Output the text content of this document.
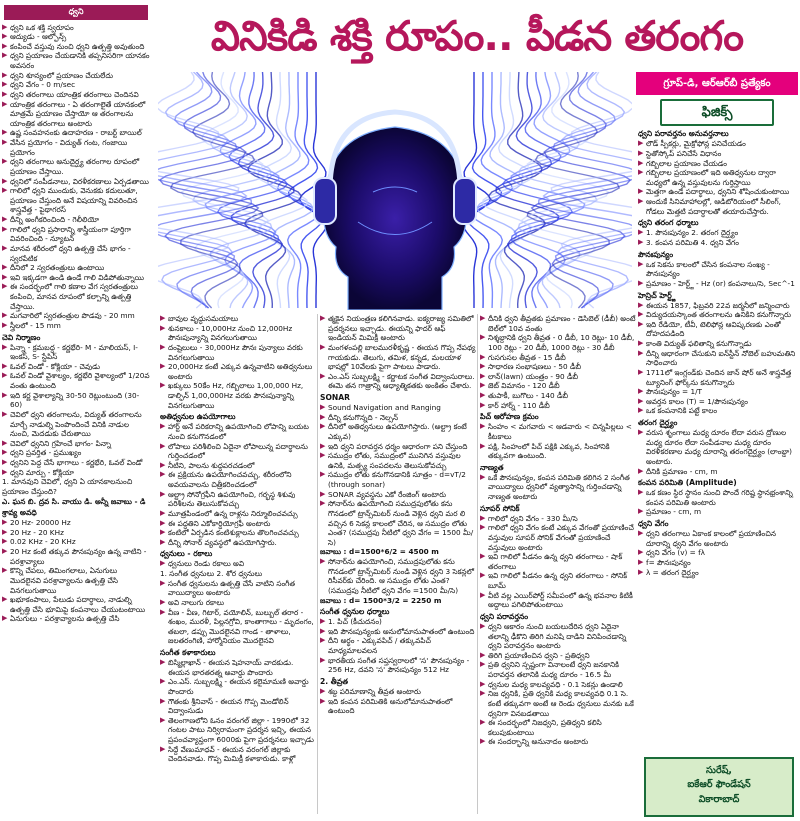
ధ్వని
▶ ధ్వని ఒక శక్తి స్వరూపం
▶ ఆద్యుడు - ఆల్ఫోన్స్
▶ కంపించే వస్తువు నుంచి ధ్వని ఉత్పత్తి అవుతుంది
▶ ధ్వని ప్రయాణం చేయడానికి తప్పనిసరిగా యానకం అవసరం
▶ ధ్వని శూన్యంలో ప్రయాణం చేయలేదు
▶ ధ్వని వేగం - 0 m/sec
▶ ధ్వని తరంగాలు యాంత్రిక తరంగాలు చెందినవి
▶ యాంత్రిక తరంగాలు - ఏ తరంగాలైతే యానకంలో మాత్రమే ప్రయాణం చేస్తాయో ఆ తరంగాలను యాంత్రిక తరంగాలు అంటారు
▶ ఉష్ణ సంవహనంకు ఉదాహరణ - రాబర్ట్ బాయిల్
▶ వేసిన ప్రయోగం - విద్యుత్ గంట, గంజాయి ప్రయోగం
▶ ధ్వని తరంగాలు అనుదైర్ఘ్య తరంగాల రూపంలో ప్రయాణం చేస్తాయి.
▶ ధ్వనిలో సంపీడనాలు, విరళీకరణాలు ఏర్పడతాయి
▶ గాలిలో ధ్వని ముందుకు, వెనుకకు కదులుతూ, ప్రయాణం చేస్తుంది అనే విషయాన్ని వివరించిన శాస్త్రవేత్త - పైథాగరస్
▶ దీన్ని అంగీకరించింది - గెలీలియో
▶ గాలిలో ధ్వని ప్రసారాన్ని శాస్త్రీయంగా పూర్తిగా వివరించింది - న్యూటన్
▶ మానవ శరీరంలో ధ్వని ఉత్పత్తి చేసే భాగం - స్వరపేటిక
▶ దీనిలో 2 స్వరతంత్రులు ఉంటాయి
▶ ఇవి ఇక్కడగా ఉండి ఉండే గాలి విడిపోతున్నాయి
▶ ఈ సందర్భంలో గాలి కణాల వేగ స్వరతంత్రులు కంపించి, మానవ రూపంలో కల్పాన్ని ఉత్పత్తి చేస్తాయి.
▶ మగవారిలో స్వరతంత్రుల పొడవు - 20 mm
▶ స్త్రీలలో - 15 mm
చెవి నిర్మాణం
▶ పిన్నా - క్రమబద్ధ - కర్ణభేరి- M - మాలియస్, I-ఇంకస్, S- స్టేపిస్
▶ ఓవల్ విండో - కోక్లియా - చెవుడు
▶ ఓవల్ విండో వైశాల్యం, కర్ణభేరి వైశాల్యంలో 1/20వ వంతు ఉంటుంది
▶ ఇది కర్ణ వైశాల్యాన్ని 30-50 రెట్లుంటుంది (30-60)
▶ చెవిలో ధ్వని తరంగాలను, విద్యుత్ తరంగాలను మార్చే నాడుల్ని పెంపొందించే వినికి నాడుల నుంచి, మెదడుకు చేరుతాయి
▶ చెవిలో ధ్వనిని గ్రహించే భాగం- పిన్నా
▶ ధ్వని ప్రవర్తిత - ప్రముఖ్యం
▶ ధ్వనిని పెద్ద చేసే భాగాలు - కర్ణభేరి, ఓవల్ విండో
▶ ధ్వని మార్పు - కోక్లియా
1. మానవుని చెవిలో, ధ్వని ఏ యానకాలనుంచి ప్రయాణం చేస్తుంది?
ఎ. ఘన బి. ద్రవ సి. వాయు డి. అన్నీ జవాబు - డి
శ్రావ్య అవధి
▶ 20 Hz- 20000 Hz
▶ 20 Hz - 20 KHz
▶ 0.02 KHz - 20 KHz
▶ 20 Hz కంటే తక్కువ పౌనఃపున్యం ఉన్న వాటిని - పరశ్రావ్యాలు
▶ కొన్ని చేపలు, తిమింగలాలు, ఏనుగులు మొదలైనవి పరశ్రావ్యాలను ఉత్పత్తి చేసి వినగలుగుతాయి
▶ ఖభూకంపాలు, పేలుడు పదార్థాలు, నాడుల్ని ఉత్పత్తి చేసి భూమిపై కంపనాలు చేయుటంటాయి
▶ ఏనుగులు - పరశ్రావ్యాలను ఉత్పత్తి చేసి
వినికిడి శక్తి రూపం.. పీడన తరంగం
గ్రూప్-డి, ఆర్ఆర్‌బీ ప్రత్యేకం
ఫిజిక్స్
ధ్వని పరావర్తనం అనువర్తనాలు
▶ లౌడ్ స్పీకర్లు, మైక్రోఫోన్ల పనిచేయడం
▶ స్టెతోస్కోప్ పనిచేసే విధానం
▶ గబ్బిలాల ప్రయాణం చేయడం
▶ గబ్బిలాల ప్రయాణంలో ఇది అతిధ్వనుల ద్వారా మధ్యలో ఉన్న వస్తువులను గుర్తిస్తాయి
▶ మెత్తగా ఉండే పదార్థాలు, ధ్వనిని శోషించుకుంటాయి
▶ ఆందుకే సినిమాహాలల్లో, ఆడిటోరియంలో సీలింగ్, గోడలు మెత్తటి పదార్థాలతో తయారుచేస్తారు.
ధ్వని తరంగ ధర్మాలు
▶ 1. పౌనఃపున్యం 2. తరంగ దైర్ఘ్యం
▶ 3. కంపన పరిమితి 4. ధ్వని వేగం
పౌనఃపున్యం
▶ ఒక సెకను కాలంలో చేసిన కంపనాల సంఖ్య - పౌనఃపున్యం
▶ ప్రమాణం - హెర్ట్జ్ - Hz (or) కంపనాలు/సె, Sec^-1
హెన్రిచ్ హెర్ట్జ్
▶ ఈయన 1857, ఫిబ్రవరి 22వ జర్మనీలో జన్మించారు
▶ విద్యుదయస్కాంత తరంగాలను ఉనికిని కనుగొన్నారు
▶ ఇది రేడియో, టీవీ, టెలిఫోన్ల ఆవిష్కరణకు ఎంతో దోహదపడింది
▶ కాంతి విద్యుత్ ఫలితాన్ని కనుగొన్నాడు
▶ దీన్ని ఆధారంగా చేసుకుని ఐన్‌స్టీన్ నోబెల్ బహుమతిని సాధించారు
▶ 1711లో ఇంగ్లండ్‌కు చెందిన జాన్ షోర్ అనే శాస్త్రవేత్త ట్యూనింగ్ ఫోర్క్‌ను కనుగొన్నారు
▶ పౌనఃపున్యం = 1/T
▶ ఆవర్తన కాలం (T) = 1/పౌనఃపున్యం
▶ ఒక కంపనానికి పట్టే కాలం
తరంగ దైర్ఘ్యం
▶ వరుస శృంగాలు మధ్య దూరం లేదా వరుస ద్రోణుల మధ్య దూరం లేదా సంపీడనాల మధ్య దూరం విరళీకరణాల మధ్య దూరాన్ని తరంగదైర్ఘ్యం (లాంబ్డా) అంటారు.
▶ దీనికి ప్రమాణం - cm, m
కంపన పరిమితి (Amplitude)
▶ ఒక కణం స్థిర స్థానం నుంచి పొందే గరిష్ట స్థానభ్రంశాన్ని కంపన పరిమితి అంటారు
▶ ప్రమాణం - cm, m
ధ్వని వేగం
▶ ధ్వని తరంగాలు ఏకాంక కాలంలో ప్రయాణించిన దూరాన్ని ధ్వని వేగం అంటారు
▶ ధ్వని వేగం (v) = fλ
▶ f= పౌనఃపున్యం
▶ λ = తరంగ దైర్ఘ్యం
సురేష్,
ఐకేఆర్ ఫౌండేషన్
వికారాబాద్
▶ బావుల వృద్ధుసమయాలు
▶ శునకాలు - 10,000Hz నుంచి 12,000Hz పౌనఃపున్యాన్ని వినగలుగుతాయి
▶ దంషైలులు - 30,000Hz పౌనః పున్యాలు వరకు వినగలుగుతాయి
▶ 20,000Hz కంటే ఎక్కువ ఉన్నవాటిని అతిధ్వనులు అంటారు
▶ ఖక్కులు 50కేం Hz, గబ్బిలాలు 1,00,000 Hz, డాల్ఫిన్ 1,00,000Hz వరకు పౌనఃపున్యాన్ని వినగలుగుతాయి
అతిధ్వనుల ఉపయోగాలు
▶ హార్ట్ అనే పరికరాన్ని ఉపయోగించి లోపాన్ని బయట నుంచి కనుగొనడంలో
▶ లోపాలు పరిశీలించి ఏదైనా లోపాలున్న పదార్థాలను గుర్తించడంలో
▶ నీటిని, పాలను శుద్ధపరచడంలో
▶ ఈ ప్రక్రియను ఉపయోగించవచ్చు, శరీరంలోని అవయవాలను చిత్రీకరించడంలో
▶ ఆల్ట్రా సోనోగ్రఫీని ఉపయోగించి, గర్భస్థ శిశువు పరిశీలను తెలుసుకోవచ్చు
▶ మూత్రపిండంలో ఉన్న రాళ్లను నిర్మూలించవచ్చు
▶ ఈ పద్ధతిని ఎకోకార్డియోగ్రఫీ అంటారు
▶ కంటిలో ఏర్పడిన కంటిశుక్లాలను తొలగించవచ్చు
▶ దీన్ని సోనార్ వ్యవస్థలో ఉపయోగిస్తారు.
ధ్వనులు - రకాలు
▶ ధ్వనులు రెండు రకాలు అవి
1. సంగీత ధ్వనులు 2. శోర ధ్వనులు
▶ సంగీత ధ్వనులను ఉత్పత్తి చేసే వాటిని సంగీత వాయిద్యాలు అంటారు
▶ అవి నాలుగు రకాలు
▶ వీణ - వీణ, గిటార్, వయోలిన్, బుల్బుల్ తరార - శంఖం, మురళీ, పిల్లనగ్రోవి, కాంతాగాలు - మృదంగం, తబలా, డప్పు మొదలైనవి గాండ - తాళాలు, జలతరంగిణి, హార్మోనియం మొదలైనవి
సంగీత కళాకారులు
▶ బిస్మిల్లాఖాన్ - ఈయన షెహనాయ్ వాదకుడు. ఈయన భారతరత్న అవార్డు పొందారు
▶ ఎం.ఎస్. సుబ్బలక్ష్మి - ఈయన కలైమామణి అవార్డు పొందారు
▶ గౌతంకు శ్రీనివాస్ - ఈయన గొప్ప మెండోలిన్ విద్వాంసుడు
▶ తెలంగాణలోని ఓనం వరంగల్ జిల్లా - 1990లో 32 గంటల పాటు నిర్విరామంగా ప్రదర్శన ఇచ్చి, ఈయన ప్రపంచవ్యాప్తంగా 6000కు పైగా ప్రదర్శనలు ఇచ్చాడు
▶ సిద్దే వేణుమాధవ్ - ఈయన వరంగల్ జిల్లాకు చెందినవాడు. గొప్ప మిమిక్రీ కళాకారుడు. కాళ్లో
▶ త్మకైన నియంత్రణ కలిగినవాడు. ఐక్యరాజ్య సమితిలో ప్రదర్శనలు ఇచ్చాడు. ఈయన్ని ఫాదర్ ఆఫ్ ఇండియన్ మిమిక్రీ అంటారు
▶ మంగళంపల్లి బాలమురళీకృష్ణ - ఈయన గొప్ప నేపథ్య గాయకుడు. తెలుగు, తమిళ, కన్నడ, మలయాళ భాషల్లో 10వేలకు పైగా పాటలు పాడారు.
▶ ఎం.ఎస్ సుబ్బలక్ష్మి - కర్ణాటక సంగీత విద్వాంసురాలు. ఈమె తన గాత్రాన్ని ఆధ్యాత్మికతకు అంకితం చేశారు.
SONAR
▶ Sound Navigation and Ranging
▶ దీన్ని కనుగొన్నది - నెల్సన్
▶ దీనిలో అతిధ్వనులు ఉపయోగిస్తారు. (అల్ట్రా కంటే ఎక్కువ)
▶ ఇది ధ్వని పరావర్తన ధర్మం ఆధారంగా పని చేస్తుంది
▶ సముద్రం లోతు, సముద్రంలో మునిగిన వస్తువుల ఉనికి, మత్స్య సంపదలను తెలుసుకోవచ్చు
▶ సముద్రం లోతు కనుగొనడానికి సూత్రం - d=vT/2 (through sonar)
▶ SONAR వ్యవస్థను ఎకో రేంజింగ్ అంటారు
▶ సోనార్‌ను ఉపయోగించి సముద్రపులోతు కను గొనడంలో ట్రాన్స్‌మిటర్ నుండి వెళ్లిన ధ్వని మర లి వచ్చిన 6 సెకన్ల కాలంలో చేరిన, ఆ సముద్రం లోతు ఎంత? (సముద్రపు నీటిలో ధ్వని వేగం = 1500 మీ/సె)
జవాబు : d=1500*6/2 = 4500 m
▶ సోనార్‌ను ఉపయోగించి, సముద్రపులోతు కను గొనడంలో ట్రాన్స్‌మిటర్ నుండి వెళ్లిన ధ్వని 3 సెకన్లలో రిసీవర్‌కు చేరింది. ఆ సముద్రం లోతు ఎంత? (సముద్రపు నీటిలో ధ్వని వేగం =1500 మీ/సె)
జవాబు : d= 1500*3/2 = 2250 m
సంగీత ధ్వనుల ధర్మాలు
▶ 1. పిచ్ (కీచుదనం)
▶ ఇది పౌనఃపున్యంకు అనులోమానుపాతంలో ఉంటుంది
▶ దీని అర్థం - ఎక్కువపిచ్ / తక్కువపిచ్ మాధ్యమాలవలన
▶ భారతీయ సంగీత సప్తస్వరాలలో 'స' పౌనఃపున్యం - 256 Hz, దవని 'స' పౌనఃపున్యం 512 Hz
2. తీవ్రత
▶ శబ్ద పరిమాణాన్ని తీవ్రత అంటారు
▶ ఇది కంపన పరిమితికి అనులోమానుపాతంలో ఉంటుంది
▶ దీనికి ధ్వని తీవ్రతకు ప్రమాణం - డెసిబెల్ (డీబీ) అంటే బెల్‌లో 10వ వంతు
▶ నిశ్శబ్దానికి ధ్వని తీవ్రత - 0 డీబీ, 10 రెట్లు- 10 డీబీ, 100 రెట్లు - 20 డీబీ, 1000 రెట్లు - 30 డీబీ
▶ గుసగుసల తీవ్రత - 15 డీబీ
▶ సాధారణ సంభాషణలు - 50 డీబీ
▶ లాన్(lawn) యంత్రం - 90 డీబీ
▶ జెట్ విమానం - 120 డీబీ
▶ తుపాకీ, బుగొలు - 140 డీబీ
▶ కార్ హార్న్ - 110 డీబీ
పిచ్ ఆరోహణ క్రమం
▶ సింహం < మగవారు < ఆడవారు < చిన్నపిల్లలు < కీటకాలు
▶ పక్షి, సింహంలో పిచ్ పక్షికి ఎక్కువ, సింహానికి తక్కువగా ఉంటుంది.
నాణ్యత
▶ ఒకే పౌనఃపున్యం, కంపన పరిమితి కలిగిన 2 సంగీత వాయిద్యాలు ధ్వనిలో వ్యత్యాసాన్ని గుర్తించడాన్ని నాణ్యత అంటారు
సూపర్ సోనిక్
▶ గాలిలో ధ్వని వేగం - 330 మీ/సె
▶ గాలిలో ధ్వని వేగం కంటే ఎక్కువ వేగంతో ప్రయాణించే వస్తువుల సూపర్ సోనిక్ వేగంతో ప్రయాణించే వస్తువులు అంటారు
▶ ఇవి గాలిలో పీడనం ఉన్న ధ్వని తరంగాలు - షాక్ తరంగాలు
▶ ఇవి గాలిలో పీడనం ఉన్న ధ్వని తరంగాలు - సోనిక్ బూమ్
▶ వీటి వల్ల ఎయిర్‌పోర్ట్ సమీపంలో ఉన్న భవనాల కిటికీ అద్దాలు పగిలిపోతుంటాయి
ధ్వని పరావర్తనం
▶ ధ్వని ఆకారం నుంచి బయలుదేరిన ధ్వని ఏదైనా తలాన్ని ఢీకొని తిరిగి మనిషి దాడిని వినిపించడాన్ని ధ్వని పరావర్తనం అంటారు
▶ తిరిగి ప్రయాణించిన ధ్వని - ప్రతిధ్వని
▶ ప్రతి ధ్వనిని స్పష్టంగా వినాలంటే ధ్వని జనకానికి పరావర్తన తలానికి మధ్య దూరం - 16.5 మీ
▶ ధ్వనుల మధ్య కాలవ్యవధి - 0.1 సెకన్లు ఉండాలి
▶ నిజ ధ్వనికి, ప్రతి ధ్వనికి మధ్య కాలవ్యవధి 0.1 సె. కంటే తక్కువగా అంటే ఆ రెండు ధ్వనులు మనకు ఒకే ధ్వనిగా వినబడతాయి
▶ ఈ సందర్భంలో నిజధ్వని, ప్రతిధ్వని కలిసి కలుపుకుంటాయి
▶ ఈ సందర్భాన్ని అనునాదం అంటారు
